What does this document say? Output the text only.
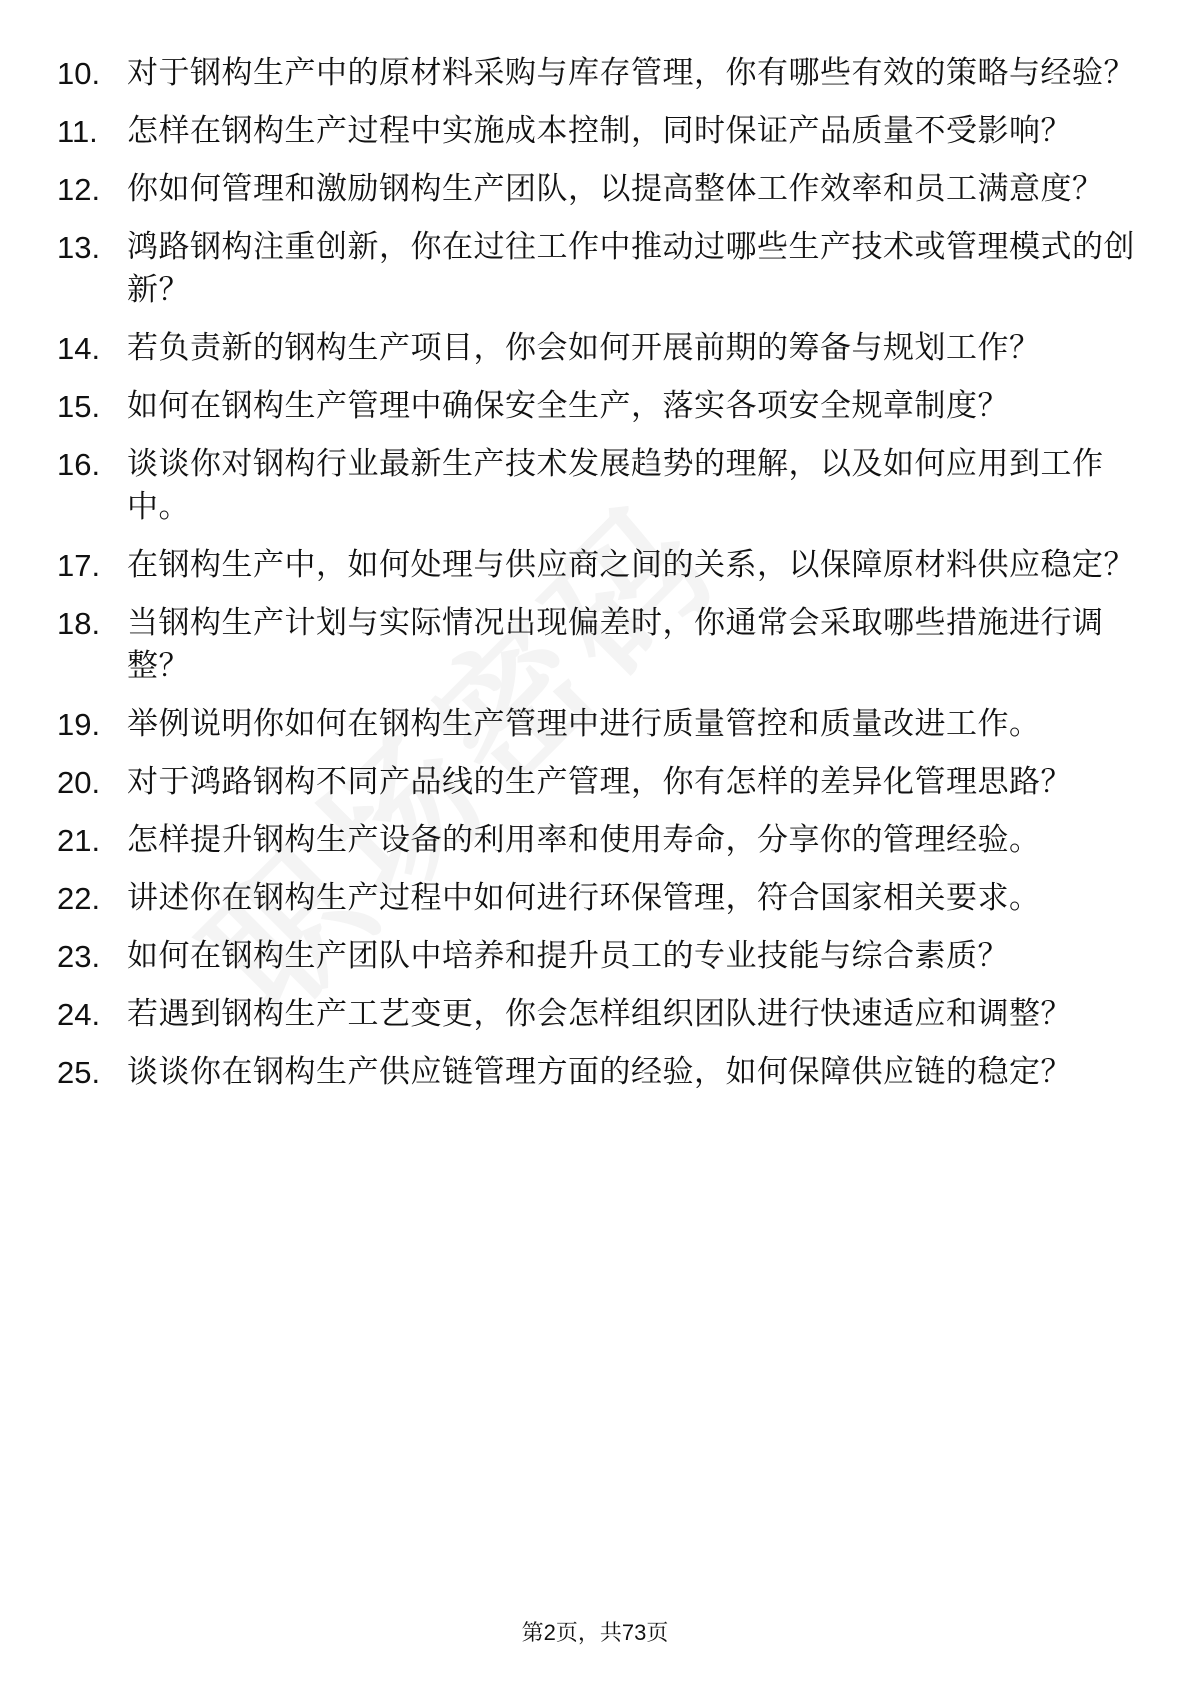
10. 对于钢构生产中的原材料采购与库存管理，你有哪些有效的策略与经验？
11. 怎样在钢构生产过程中实施成本控制，同时保证产品质量不受影响？
12. 你如何管理和激励钢构生产团队，以提高整体工作效率和员工满意度？
13. 鸿路钢构注重创新，你在过往工作中推动过哪些生产技术或管理模式的创新？
14. 若负责新的钢构生产项目，你会如何开展前期的筹备与规划工作？
15. 如何在钢构生产管理中确保安全生产，落实各项安全规章制度？
16. 谈谈你对钢构行业最新生产技术发展趋势的理解，以及如何应用到工作中。
17. 在钢构生产中，如何处理与供应商之间的关系，以保障原材料供应稳定？
18. 当钢构生产计划与实际情况出现偏差时，你通常会采取哪些措施进行调整？
19. 举例说明你如何在钢构生产管理中进行质量管控和质量改进工作。
20. 对于鸿路钢构不同产品线的生产管理，你有怎样的差异化管理思路？
21. 怎样提升钢构生产设备的利用率和使用寿命，分享你的管理经验。
22. 讲述你在钢构生产过程中如何进行环保管理，符合国家相关要求。
23. 如何在钢构生产团队中培养和提升员工的专业技能与综合素质？
24. 若遇到钢构生产工艺变更，你会怎样组织团队进行快速适应和调整？
25. 谈谈你在钢构生产供应链管理方面的经验，如何保障供应链的稳定？
第2页，共73页
